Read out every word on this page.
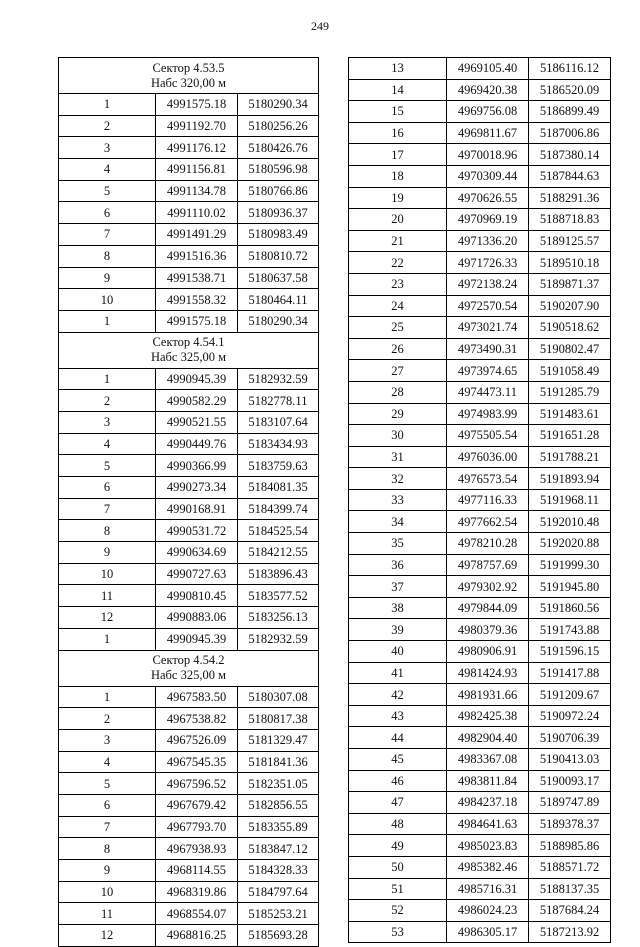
249
Сектор 4.53.5
Набс 320,00 м		

1	4991575.18	5180290.34
2	4991192.70	5180256.26
3	4991176.12	5180426.76
4	4991156.81	5180596.98
5	4991134.78	5180766.86
6	4991110.02	5180936.37
7	4991491.29	5180983.49
8	4991516.36	5180810.72
9	4991538.71	5180637.58
10	4991558.32	5180464.11
1	4991575.18	5180290.34

Сектор 4.54.1
Набс 325,00 м		

1	4990945.39	5182932.59
2	4990582.29	5182778.11
3	4990521.55	5183107.64
4	4990449.76	5183434.93
5	4990366.99	5183759.63
6	4990273.34	5184081.35
7	4990168.91	5184399.74
8	4990531.72	5184525.54
9	4990634.69	5184212.55
10	4990727.63	5183896.43
11	4990810.45	5183577.52
12	4990883.06	5183256.13
1	4990945.39	5182932.59

Сектор 4.54.2
Набс 325,00 м		

1	4967583.50	5180307.08
2	4967538.82	5180817.38
3	4967526.09	5181329.47
4	4967545.35	5181841.36
5	4967596.52	5182351.05
6	4967679.42	5182856.55
7	4967793.70	5183355.89
8	4967938.93	5183847.12
9	4968114.55	5184328.33
10	4968319.86	5184797.64
11	4968554.07	5185253.21
12	4968816.25	5185693.28
13	4969105.40	5186116.12
14	4969420.38	5186520.09
15	4969756.08	5186899.49
16	4969811.67	5187006.86
17	4970018.96	5187380.14
18	4970309.44	5187844.63
19	4970626.55	5188291.36
20	4970969.19	5188718.83
21	4971336.20	5189125.57
22	4971726.33	5189510.18
23	4972138.24	5189871.37
24	4972570.54	5190207.90
25	4973021.74	5190518.62
26	4973490.31	5190802.47
27	4973974.65	5191058.49
28	4974473.11	5191285.79
29	4974983.99	5191483.61
30	4975505.54	5191651.28
31	4976036.00	5191788.21
32	4976573.54	5191893.94
33	4977116.33	5191968.11
34	4977662.54	5192010.48
35	4978210.28	5192020.88
36	4978757.69	5191999.30
37	4979302.92	5191945.80
38	4979844.09	5191860.56
39	4980379.36	5191743.88
40	4980906.91	5191596.15
41	4981424.93	5191417.88
42	4981931.66	5191209.67
43	4982425.38	5190972.24
44	4982904.40	5190706.39
45	4983367.08	5190413.03
46	4983811.84	5190093.17
47	4984237.18	5189747.89
48	4984641.63	5189378.37
49	4985023.83	5188985.86
50	4985382.46	5188571.72
51	4985716.31	5188137.35
52	4986024.23	5187684.24
53	4986305.17	5187213.92
